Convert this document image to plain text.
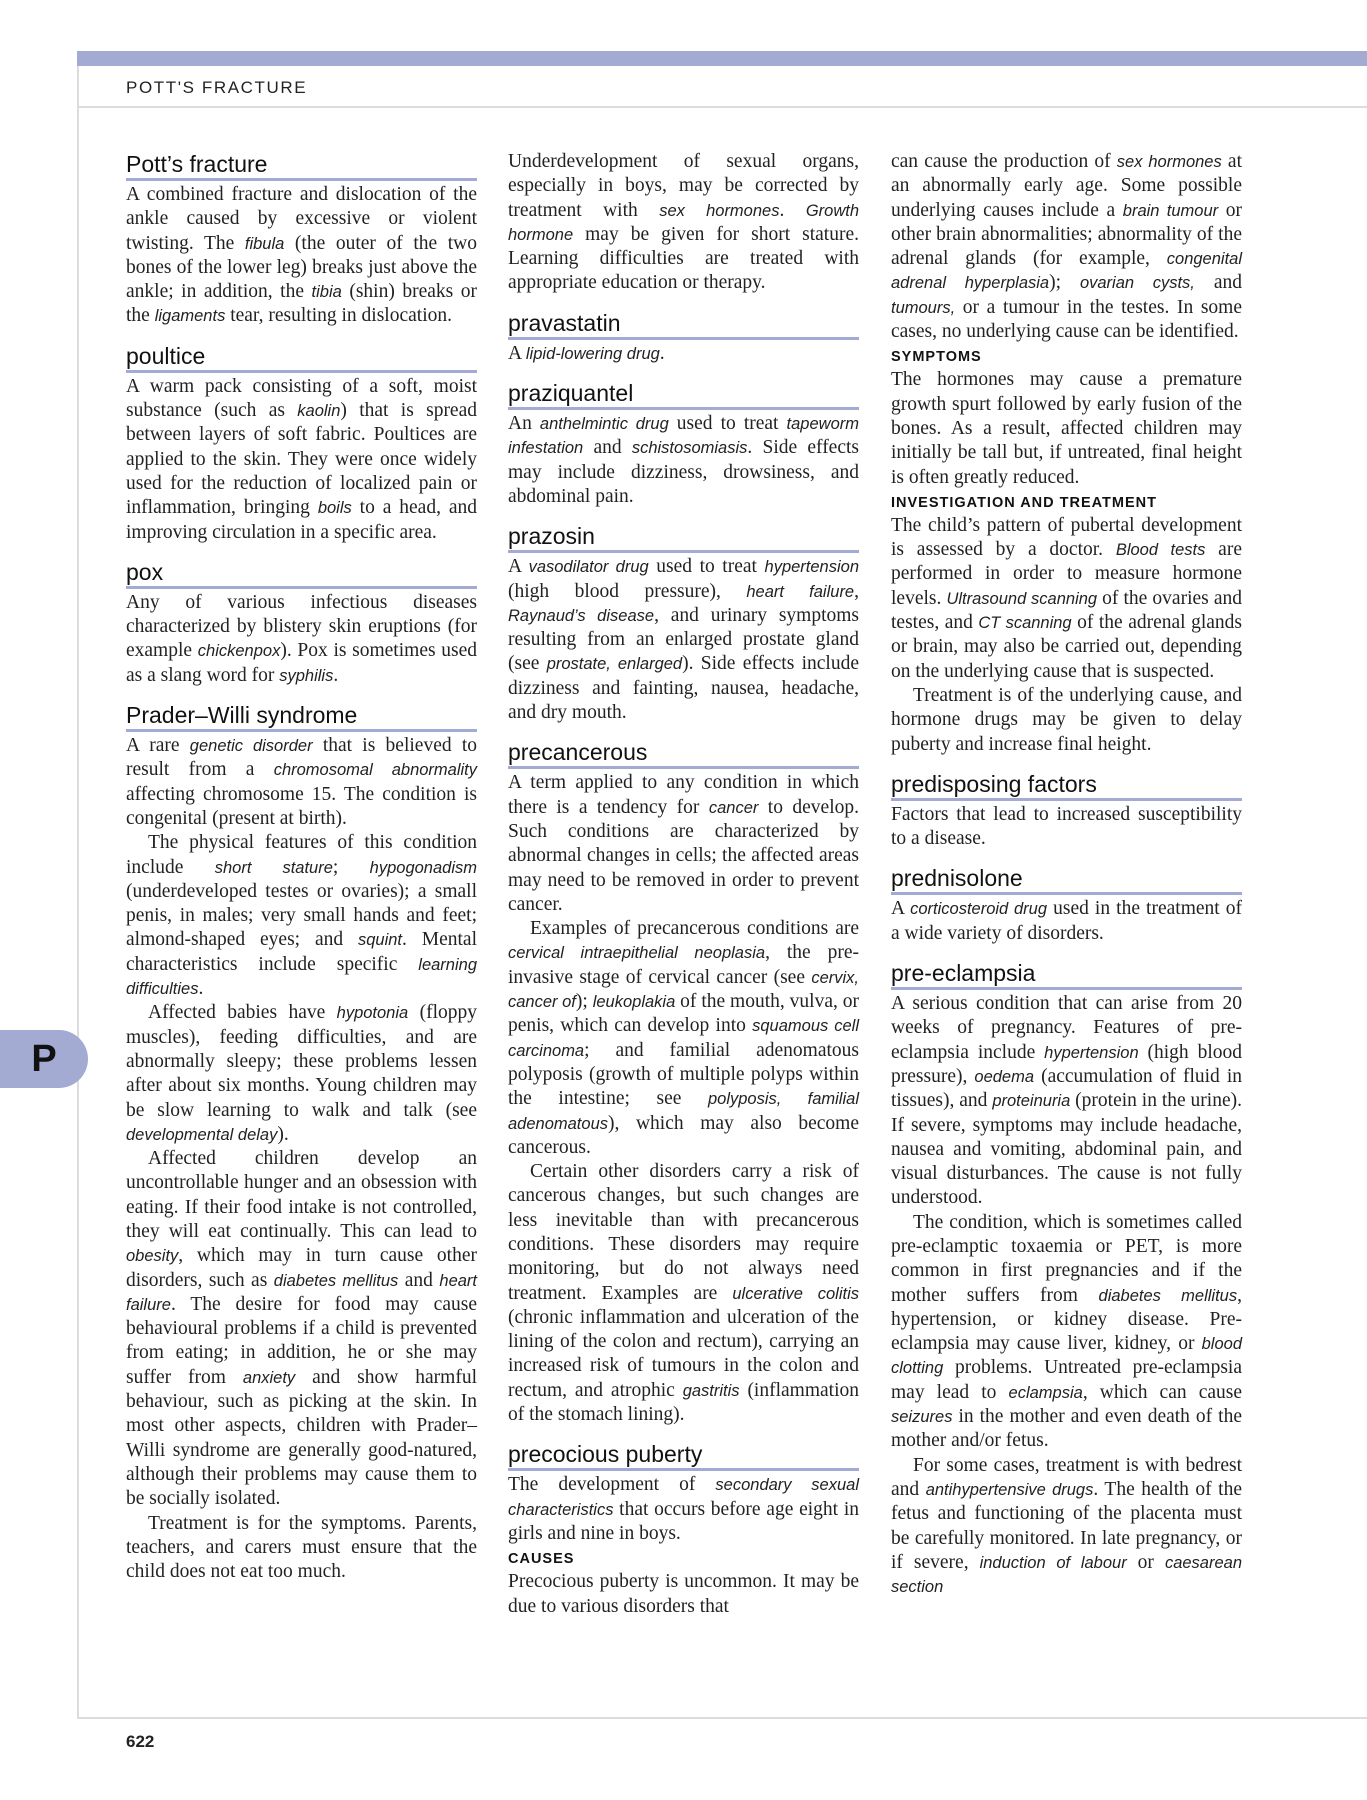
POTT'S FRACTURE
P
Pott’s fracture

A combined fracture and dislocation of the ankle caused by excessive or violent twisting. The fibula (the outer of the two bones of the lower leg) breaks just above the ankle; in addition, the tibia (shin) breaks or the ligaments tear, resulting in dislocation.

poultice

A warm pack consisting of a soft, moist substance (such as kaolin) that is spread between layers of soft fabric. Poultices are applied to the skin. They were once widely used for the reduction of localized pain or inflammation, bringing boils to a head, and improving circulation in a specific area.

pox

Any of various infectious diseases characterized by blistery skin eruptions (for example chickenpox). Pox is sometimes used as a slang word for syphilis.

Prader–Willi syndrome

A rare genetic disorder that is believed to result from a chromosomal abnormality affecting chromosome 15. The condition is congenital (present at birth).

The physical features of this condition include short stature; hypogonadism (underdeveloped testes or ovaries); a small penis, in males; very small hands and feet; almond-shaped eyes; and squint. Mental characteristics include specific learning difficulties.

Affected babies have hypotonia (floppy muscles), feeding difficulties, and are abnormally sleepy; these problems lessen after about six months. Young children may be slow learning to walk and talk (see developmental delay).

Affected children develop an uncontrollable hunger and an obsession with eating. If their food intake is not controlled, they will eat continually. This can lead to obesity, which may in turn cause other disorders, such as diabetes mellitus and heart failure. The desire for food may cause behavioural problems if a child is prevented from eating; in addition, he or she may suffer from anxiety and show harmful behaviour, such as picking at the skin. In most other aspects, children with Prader–Willi syndrome are generally good-natured, although their problems may cause them to be socially isolated.

Treatment is for the symptoms. Parents, teachers, and carers must ensure that the child does not eat too much.

Underdevelopment of sexual organs, especially in boys, may be corrected by treatment with sex hormones. Growth hormone may be given for short stature. Learning difficulties are treated with appropriate education or therapy.

pravastatin

A lipid-lowering drug.

praziquantel

An anthelmintic drug used to treat tapeworm infestation and schistosomiasis. Side effects may include dizziness, drowsiness, and abdominal pain.

prazosin

A vasodilator drug used to treat hypertension (high blood pressure), heart failure, Raynaud’s disease, and urinary symptoms resulting from an enlarged prostate gland (see prostate, enlarged). Side effects include dizziness and fainting, nausea, headache, and dry mouth.

precancerous

A term applied to any condition in which there is a tendency for cancer to develop. Such conditions are characterized by abnormal changes in cells; the affected areas may need to be removed in order to prevent cancer.

Examples of precancerous conditions are cervical intraepithelial neoplasia, the pre-invasive stage of cervical cancer (see cervix, cancer of); leukoplakia of the mouth, vulva, or penis, which can develop into squamous cell carcinoma; and familial adenomatous polyposis (growth of multiple polyps within the intestine; see polyposis, familial adenomatous), which may also become cancerous.

Certain other disorders carry a risk of cancerous changes, but such changes are less inevitable than with precancerous conditions. These disorders may require monitoring, but do not always need treatment. Examples are ulcerative colitis (chronic inflammation and ulceration of the lining of the colon and rectum), carrying an increased risk of tumours in the colon and rectum, and atrophic gastritis (inflammation of the stomach lining).

precocious puberty

The development of secondary sexual characteristics that occurs before age eight in girls and nine in boys.

CAUSES

Precocious puberty is uncommon. It may be due to various disorders that

can cause the production of sex hormones at an abnormally early age. Some possible underlying causes include a brain tumour or other brain abnormalities; abnormality of the adrenal glands (for example, congenital adrenal hyperplasia); ovarian cysts, and tumours, or a tumour in the testes. In some cases, no underlying cause can be identified.

SYMPTOMS

The hormones may cause a premature growth spurt followed by early fusion of the bones. As a result, affected children may initially be tall but, if untreated, final height is often greatly reduced.

INVESTIGATION AND TREATMENT

The child’s pattern of pubertal development is assessed by a doctor. Blood tests are performed in order to measure hormone levels. Ultrasound scanning of the ovaries and testes, and CT scanning of the adrenal glands or brain, may also be carried out, depending on the underlying cause that is suspected.

Treatment is of the underlying cause, and hormone drugs may be given to delay puberty and increase final height.

predisposing factors

Factors that lead to increased susceptibility to a disease.

prednisolone

A corticosteroid drug used in the treatment of a wide variety of disorders.

pre-eclampsia

A serious condition that can arise from 20 weeks of pregnancy. Features of pre-eclampsia include hypertension (high blood pressure), oedema (accumulation of fluid in tissues), and proteinuria (protein in the urine). If severe, symptoms may include headache, nausea and vomiting, abdominal pain, and visual disturbances. The cause is not fully understood.

The condition, which is sometimes called pre-eclamptic toxaemia or PET, is more common in first pregnancies and if the mother suffers from diabetes mellitus, hypertension, or kidney disease. Pre-eclampsia may cause liver, kidney, or blood clotting problems. Untreated pre-eclampsia may lead to eclampsia, which can cause seizures in the mother and even death of the mother and/or fetus.

For some cases, treatment is with bedrest and antihypertensive drugs. The health of the fetus and functioning of the placenta must be carefully monitored. In late pregnancy, or if severe, induction of labour or caesarean section

622
